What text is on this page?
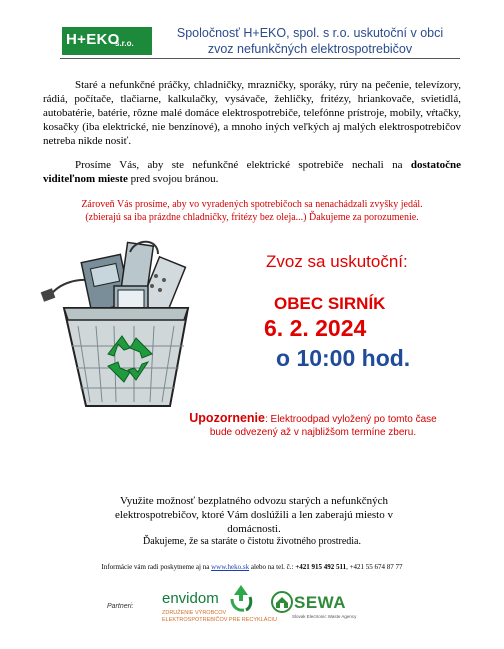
H+EKO
s.r.o.
Spoločnosť H+EKO, spol. s r.o. uskutoční v obci
zvoz nefunkčných elektrospotrebičov
Staré a nefunkčné práčky, chladničky, mrazničky, sporáky, rúry na pečenie, televízory, rádiá, počítače, tlačiarne, kalkulačky, vysávače, žehličky, fritézy, hriankovače, svietidlá, autobatérie, batérie, rôzne malé domáce elektrospotrebiče, telefónne prístroje, mobily, vŕtačky, kosačky (iba elektrické, nie benzínové), a mnoho iných veľkých aj malých elektrospotrebičov netreba nikde nosiť.
Prosíme Vás, aby ste nefunkčné elektrické spotrebiče nechali na dostatočne viditeľnom mieste pred svojou bránou.
Zároveň Vás prosíme, aby vo vyradených spotrebičoch sa nenachádzali zvyšky jedál.
(zbierajú sa iba prázdne chladničky, fritézy bez oleja...) Ďakujeme za porozumenie.
Zvoz sa uskutoční:
OBEC SIRNÍK
6. 2. 2024
o 10:00 hod.
Upozornenie: Elektroodpad vyložený po tomto čase
bude odvezený až v najbližšom termíne zberu.
Využite možnosť bezplatného odvozu starých a nefunkčných elektrospotrebičov, ktoré Vám doslúžili a len zaberajú miesto v domácnosti.
Ďakujeme, že sa staráte o čistotu životného prostredia.
Informácie vám radi poskytneme aj na www.heko.sk alebo na tel. č.: +421 915 492 511, +421 55 674 87 77
Partneri: envidom
ZDRUŽENIE VÝROBCOV
ELEKTROSPOTREBIČOV PRE RECYKLÁCIU
SEWA
Slovak Electronic Waste Agency
